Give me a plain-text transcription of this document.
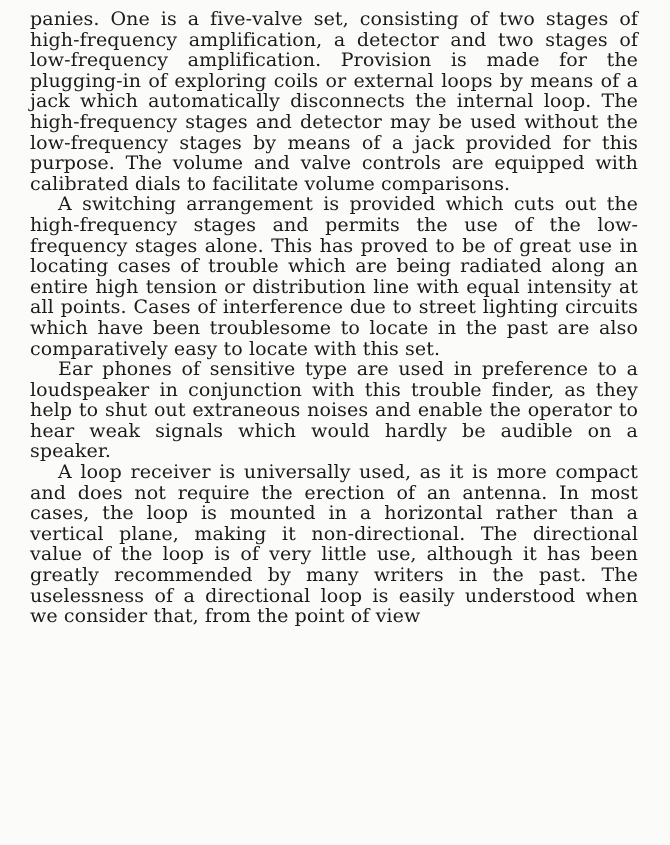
panies. One is a five-valve set, consisting of two stages of high-frequency amplification, a detector and two stages of low-frequency amplification. Provision is made for the plugging-in of exploring coils or external loops by means of a jack which automatically disconnects the internal loop. The high-frequency stages and detector may be used without the low-frequency stages by means of a jack provided for this purpose. The volume and valve controls are equipped with calibrated dials to facilitate volume comparisons.

A switching arrangement is provided which cuts out the high-frequency stages and permits the use of the low-frequency stages alone. This has proved to be of great use in locating cases of trouble which are being radiated along an entire high tension or distribution line with equal intensity at all points. Cases of interference due to street lighting circuits which have been troublesome to locate in the past are also comparatively easy to locate with this set.

Ear phones of sensitive type are used in preference to a loudspeaker in conjunction with this trouble finder, as they help to shut out extraneous noises and enable the operator to hear weak signals which would hardly be audible on a speaker.

A loop receiver is universally used, as it is more compact and does not require the erection of an antenna. In most cases, the loop is mounted in a horizontal rather than a vertical plane, making it non-directional. The directional value of the loop is of very little use, although it has been greatly recommended by many writers in the past. The uselessness of a directional loop is easily understood when we consider that, from the point of view
